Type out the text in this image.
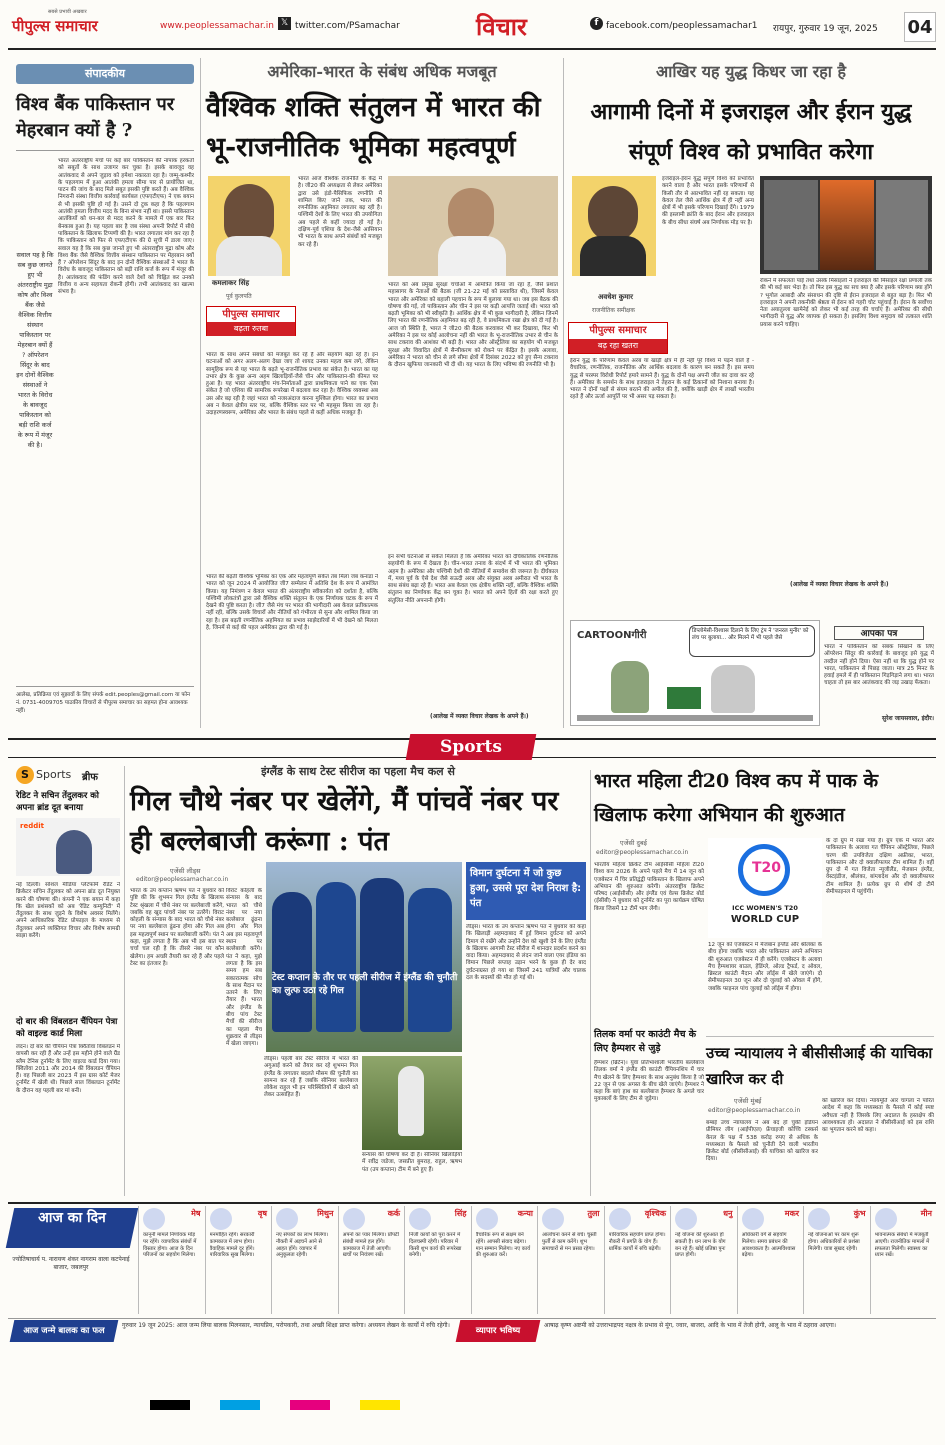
पीपुल्स समाचार
सबसे प्रभावी अखबार
www.peoplessamachar.in 𝕏 twitter.com/PSamachar	विचार	f facebook.com/peoplessamachar1 रायपुर, गुरुवार 19 जून, 2025 04
संपादकीय
विश्व बैंक पाकिस्तान पर मेहरबान क्यों है ?
भारत अंतरराष्ट्रीय मंचों पर कई बार पाकिस्तान की नापाक हरकतों को सबूतों के साथ उजागर कर चुका है। इसके बावजूद वह आतंकवाद से अपने जुड़ाव को हमेशा नकारता रहा है। जम्मू-कश्मीर के पहलगाम में हुआ आतंकी हमला सीमा पार से प्रायोजित था, पाटन की जांच के बाद मिले सबूत इसकी पुष्टि करते हैं। अब वैश्विक निगरानी संस्था वित्तीय कार्रवाई कार्यबल (एफएटीएफ) ने एक बयान से भी इसकी पुष्टि हो गई है। उसने दो टूक कहा है कि पहलगाम आतंकी हमला वित्तीय मदद के बिना संभव नहीं था। इससे पाकिस्तान आतंकियों को धन-बल से मदद करने के मामले में एक बार फिर बेनकाब हुआ है। यह पहला बार है जब संस्था अपनी रिपोर्ट में सीधे पाकिस्तान के खिलाफ टिप्पणी की है। भारत लगातार मांग कर रहा है कि पाकिस्तान को फिर से एफएटीएफ की ग्रे सूची में डाला जाए। सवाल यह है कि सब कुछ जानते हुए भी अंतरराष्ट्रीय मुद्रा कोष और विश्व बैंक जैसे वैश्विक वित्तीय संस्थान पाकिस्तान पर मेहरबान क्यों हैं ? ऑपरेशन सिंदूर के बाद इन दोनों वैश्विक संस्थाओं ने भारत के विरोध के बावजूद पाकिस्तान को बड़ी राशि कर्ज के रूप में मंजूर की है। आतंकवाद की फंडिंग करने वाले देशों को चिह्नित कर उनको वित्तीय व अन्य सहायता रोकनी होगी। तभी आतंकवाद का खात्मा संभव है।
सवाल यह है कि सब कुछ जानते हुए भी अंतरराष्ट्रीय मुद्रा कोष और विश्व बैंक जैसे वैश्विक वित्तीय संस्थान पाकिस्तान पर मेहरबान क्यों हैं ? ऑपरेशन सिंदूर के बाद इन दोनों वैश्विक संस्थाओं ने भारत के विरोध के बावजूद पाकिस्तान को बड़ी राशि कर्ज के रूप में मंजूर की है।
आलेख, प्रतिक्रिया एवं सुझावों के लिए संपर्क edit.peoples@gmail.com या फोन नं. 0731-4009705 पाठकीय विचारों से पीपुल्स समाचार का सहमत होना आवश्यक नहीं।
अमेरिका-भारत के संबंध अधिक मजबूत
वैश्विक शक्ति संतुलन में भारत की भू-राजनीतिक भूमिका महत्वपूर्ण
कमलाकर सिंह
पूर्व कुलपति
पीपुल्स समाचार
बढ़ता रुतबा
भारत आज वैश्विक राजनीति के केंद्र में है। जी20 की अध्यक्षता से लेकर अमेरिका द्वारा उसे इंडो-पैसिफिक रणनीति में शामिल किए जाने तक, भारत की रणनीतिक अहमियत लगातार बढ़ रही है। पश्चिमी देशों के लिए भारत की उपयोगिता अब पहले से कहीं ज्यादा हो गई है। दक्षिण-पूर्व एशिया के देश-जैसे आसियान भी भारत के साथ अपने संबंधों को मजबूत कर रहे हैं।
भारत के साथ अपने संबंधों को मजबूत कर रहे हैं और सहयोग बढ़ा रहे हैं। इन घटनाओं को अगर अलग-अलग देखा जाए तो शायद उनका महत्व कम लगे, लेकिन सामूहिक रूप से यह भारत के बढ़ते भू-राजनीतिक प्रभाव का संकेत है। भारत का यह उभार क्षेत्र के कुछ अन्य अहम खिलाड़ियों-जैसे चीन और पाकिस्तान-की कीमत पर हुआ है। यह भारत अंतरराष्ट्रीय मंच-निर्माताओं द्वारा प्राथमिकता पाने का एक ऐसा संकेत है जो एशिया की सामरिक रूपरेखा में बदलाव कर रहा है। वैश्विक व्यवस्था अब उस ओर बढ़ रही है जहां भारत को नजरअंदाज करना मुश्किल होगा। भारत का प्रभाव अब न केवल क्षेत्रीय स्तर पर, बल्कि वैश्विक स्तर पर भी महसूस किया जा रहा है। उदाहरणस्वरूप, अमेरिका और भारत के संबंध पहले से कहीं अधिक मजबूत हैं।
भारत की बढ़ती वैश्विक भूमिका का एक और महत्वपूर्ण संकेत तब मिला जब कनाडा ने भारत को जून 2024 में आयोजित जी7 सम्मेलन में अतिथि देश के रूप में आमंत्रित किया। यह निमंत्रण न केवल भारत की अंतरराष्ट्रीय स्वीकार्यता को दर्शाता है, बल्कि पश्चिमी लोकतंत्रों द्वारा उसे वैश्विक शक्ति संतुलन के एक निर्णायक घटक के रूप में देखने की पुष्टि करता है। जी7 जैसे मंच पर भारत की भागीदारी अब केवल प्रतीकात्मक नहीं रही, बल्कि उसके विचारों और नीतियों को गंभीरता से सुना और शामिल किया जा रहा है। इस बढ़ती रणनीतिक अहमियत का प्रभाव साझेदारियों में भी देखने को मिलता है, जिनमें से कई की पहल अमेरिका द्वारा की गई है।
भारत को अब प्रमुख सुरक्षा चर्चाओं में आमंत्रित किया जा रहा है, जैसे प्रशांत महासागर के नेताओं की बैठक (जी 21-22 मई को प्रस्तावित थी), जिसमें केवल भारत और अमेरिका को बहाली पहचान के रूप में बुलाया गया था। जब इस बैठक की घोषणा की गई, तो पाकिस्तान और चीन ने इस पर कड़ी आपत्ति जताई थी। भारत को बढ़ती भूमिका को भी स्वीकृति है। आर्थिक क्षेत्र में भी कुछ भागीदारी है, लेकिन जिनमें लिए भारत की रणनीतिक अहमियत बढ़ रही है, वे प्राथमिकता रखा क्षेत्र को दी गई है। आज जो स्थिति है, भारत ने जी20 की बैठक करवाकर भी कर दिखाया, फिर भी अमेरिका ने इस पर कोई आलोचना नहीं की भारत के भू-राजनीतिक उभार से चीन के साथ टकराव की आशंका भी बढ़ी है। भारत और ऑस्ट्रेलिया का सहयोग भी मजबूत सुरक्षा और विवादित क्षेत्रों में सैन्यीकरण को रोकने पर केंद्रित है। इसके अलावा, अमेरिका ने भारत को चीन से लगे सीमा क्षेत्रों में दिसंबर 2022 को हुए सैन्य टकराव के दौरान खुफिया जानकारी भी दी थी। यह भारत के लिए भविष्य की रणनीति भी है।
इन सभी घटनाओं से संकेत मिलता है कि अमेरिका भारत को दीर्घकालिक रणनीतिक सहयोगी के रूप में देखता है। चीन-भारत तनाव के संदर्भ में भी भारत की भूमिका अहम है। अमेरिका और पश्चिमी देशों की नीतियों में समावेश की जरूरत है। दीर्घकाल में, मध्य पूर्व के ऐसे देश जैसे सऊदी अरब और संयुक्त अरब अमीरात भी भारत के साथ संबंध बढ़ा रहे हैं। भारत अब केवल एक क्षेत्रीय शक्ति नहीं, बल्कि वैश्विक शक्ति संतुलन का निर्णायक केंद्र बन चुका है। भारत को अपने हितों की रक्षा करते हुए संतुलित नीति अपनानी होगी।
(आलेख में व्यक्त विचार लेखक के अपने हैं।)
आखिर यह युद्ध किधर जा रहा है
आगामी दिनों में इजराइल और ईरान युद्ध संपूर्ण विश्व को प्रभावित करेगा
अवधेश कुमार
राजनीतिक समीक्षक
इजराइल-ईरान युद्ध संपूर्ण विश्व को प्रभावित करने वाला है और भारत इसके परिणामों से किसी तौर से अप्रभावित नहीं रह सकता। यह केवल तेल जैसे आर्थिक क्षेत्र में ही नहीं अन्य क्षेत्रों में भी इसके परिणाम दिखाई देंगे। 1979 की इस्लामी क्रांति के बाद ईरान और इजराइल के बीच सीधा संघर्ष अब निर्णायक मोड़ पर है।
पीपुल्स समाचार
बढ़ रहा खतरा
ईरान युद्ध के परिणाम केवल अरब या खाड़ी क्षेत्र में ही नहीं पूरे विश्व में पड़ने वाले हैं - वैचारिक, रणनीतिक, राजनीतिक और आर्थिक बदलाव के कारण बन सकते हैं। इस समय युद्ध से परस्पर विरोधी रिपोर्ट हमारे सामने हैं। युद्ध के दोनों पक्ष अपनी जीत का दावा कर रहे हैं। अमेरिका के समर्थन के साथ इजराइल ने तेहरान के कई ठिकानों को निशाना बनाया है। भारत ने दोनों पक्षों से संयम बरतने की अपील की है, क्योंकि खाड़ी क्षेत्र में लाखों भारतीय रहते हैं और ऊर्जा आपूर्ति पर भी असर पड़ सकता है।
रोकने में सफलता पाई तथा उसके मिसाइलों ने इजराइल की मिसाइल रक्षा प्रणाली तक की भी कई बार भेदा है। तो फिर इस युद्ध का सच क्या है और इसके परिणाम क्या होंगे ? भूगोल आबादी और संसाधन की दृष्टि से ईरान इजराइल से बहुत बड़ा है। फिर भी इजराइल ने अपनी तकनीकी श्रेष्ठता से ईरान को गहरी चोट पहुंचाई है। ईरान के सर्वोच्च नेता अयातुल्ला खामेनेई को लेकर भी कई तरह की चर्चाएं हैं। अमेरिका की सीधी भागीदारी से युद्ध और व्यापक हो सकता है। इसलिए विश्व समुदाय को तत्काल शांति प्रयास करने चाहिए।
(आलेख में व्यक्त विचार लेखक के अपने हैं।)
CARTOONगीरी	डिप्लोमेसी-विश्वास दिलाने के लिए ट्रंप ने 'जनरल मुनीर' को लंच पर बुलाया... और मिलने में भी पहले जैसे	आपका पत्र
भारत ने पाकिस्तान को सबक सिखाने के लिए ऑपरेशन सिंदूर की कार्रवाई के बावजूद इसे युद्ध में तब्दील नहीं होने दिया। ऐसा नहीं था कि युद्ध होने पर भारत, पाकिस्तान से पिछड़ जाता। मात्र 25 मिनट के हवाई हमले में ही पाकिस्तान गिड़गिड़ाने लगा था। भारत चाहता तो इस बार आतंकवाद की जड़ उखाड़ फेंकता।
सुरेश जायसवाल, इंदौर।
Sports
S Sports ब्रीफ
रेडिट ने सचिन तेंदुलकर को अपना ब्रांड दूत बनाया
reddit
नई दिल्ली। सोशल मीडिया प्लेटफॉर्म रेडिट ने क्रिकेटर सचिन तेंदुलकर को अपना ब्रांड दूत नियुक्त करने की घोषणा की। कंपनी ने एक बयान में कहा कि खेल प्रशंसकों को अब 'रेडिट कम्युनिटी' में तेंदुलकर के साथ जुड़ने के विशेष अवसर मिलेंगे। अपने आधिकारिक रेडिट प्रोफाइल के माध्यम से तेंदुलकर अपने व्यक्तिगत विचार और विशेष सामग्री साझा करेंगे।
दो बार की विंबलडन चैंपियन पेत्रा को वाइल्ड कार्ड मिला
लंदन। दो बार की चैंपियन पेत्रा क्वितोवा विंबलडन में वापसी कर रही हैं और उन्हें इस महीने होने वाले ग्रैंड स्लैम टेनिस टूर्नामेंट के लिए वाइल्ड कार्ड दिया गया। क्वितोवा 2011 और 2014 की विंबलडन चैंपियन हैं। वह पिछली बार 2023 में इस ग्रास कोर्ट मेजर टूर्नामेंट में खेली थी। पिछले साल विंबलडन टूर्नामेंट के दौरान वह पहली बार मां बनी।
इंग्लैंड के साथ टेस्ट सीरीज का पहला मैच कल से
गिल चौथे नंबर पर खेलेंगे, मैं पांचवें नंबर पर ही बल्लेबाजी करूंगा : पंत
एजेंसी लीड्स
editor@peoplessamachar.co.in
भारत के उप कप्तान ऋषभ पंत ने बुधवार को पुष्टि की कि शुभमन गिल इंग्लैंड के खिलाफ टेस्ट श्रृंखला में चौथे नंबर पर बल्लेबाजी करेंगे, जबकि वह खुद पांचवें नंबर पर उतरेंगे। विराट कोहली के संन्यास के बाद भारत को चौथे नंबर पर नया बल्लेबाज ढूंढना होगा और गिल अब इस महत्वपूर्ण स्थान पर बल्लेबाजी करेंगे। पंत ने कहा, मुझे लगता है कि अब भी इस बात पर चर्चा चल रही है कि तीसरे नंबर पर कौन खेलेगा। हम अच्छी तैयारी कर रहे हैं और पहले टेस्ट का इंतजार है।
विराट कोहली के संन्यास के बाद भारत को चौथे नंबर पर नया बल्लेबाज ढूंढना होगा और गिल अब इस महत्वपूर्ण स्थान पर बल्लेबाजी करेंगे। पंत ने कहा, मुझे लगता है कि इस समय हम सब सकारात्मक सोच के साथ मैदान पर उतरने के लिए तैयार हैं। भारत और इंग्लैंड के बीच पांच टेस्ट मैचों की सीरीज का पहला मैच शुक्रवार से लीड्स में खेला जाएगा।
टेस्ट कप्तान के तौर पर पहली सीरीज में इंग्लैंड की चुनौती का लुत्फ उठा रहे गिल
लीड्स। पहली बार टेस्ट सीरीज में भारत की अगुआई करने को तैयार कर रहे शुभमन गिल इंग्लैंड के लगातार बदलते मौसम की चुनौती का सामना कर रहे हैं जबकि सीनियर बल्लेबाज लोकेश राहुल भी इन परिस्थितियों में खेलने को लेकर उत्साहित हैं।
संन्यास की घोषणा कर दी है। सीनियर खिलाड़ियों में रवींद्र जडेजा, जसप्रीत बुमराह, राहुल, ऋषभ पंत (उप कप्तान) टीम में बने हुए हैं।
विमान दुर्घटना में जो कुछ हुआ, उससे पूरा देश निराश है: पंत
लीड्स। भारत के उप कप्तान ऋषभ पंत ने बुधवार को कहा कि खिलाड़ी अहमदाबाद में हुई विमान दुर्घटना को अपने दिमाग से रखेंगे और उन्होंने देश को खुशी देने के लिए इंग्लैंड के खिलाफ आगामी टेस्ट सीरीज में शानदार प्रदर्शन करने का वादा किया। अहमदाबाद से लंदन जाने वाला एयर इंडिया का विमान पिछले सप्ताह उड़ान भरने के कुछ ही देर बाद दुर्घटनाग्रस्त हो गया था जिसमें 241 यात्रियों और चालक दल के सदस्यों की मौत हो गई थी।
तिलक वर्मा पर काउंटी मैच के लिए हैम्पशर से जुड़े
हैम्पशर (ब्रिटेन)। युवा प्रतिभाशाली भारतीय बल्लेबाज तिलक वर्मा ने इंग्लैंड की काउंटी चैंपियनशिप में चार मैच खेलने के लिए हैम्पशर के साथ अनुबंध किया है जो 22 जून से एक अगस्त के बीच खेले जाएंगे। हैम्पशर ने कहा कि बाएं हाथ का बल्लेबाज हैम्पशर के अगले चार मुकाबलों के लिए टीम से जुड़ेगा।
भारत महिला टी20 विश्व कप में पाक के खिलाफ करेगा अभियान की शुरुआत
एजेंसी दुबई
editor@peoplessamachar.co.in
भारतीय महिला क्रिकेट टीम आईसीसी महिला टी20 विश्व कप 2026 के अपने पहले मैच में 14 जून को एजबेस्टन में चिर प्रतिद्वंद्वी पाकिस्तान के खिलाफ अपने अभियान की शुरुआत करेगी। अंतरराष्ट्रीय क्रिकेट परिषद (आईसीसी) और इंग्लैंड एवं वेल्स क्रिकेट बोर्ड (ईसीबी) ने बुधवार को टूर्नामेंट का पूरा कार्यक्रम घोषित किया जिसमें 12 टीमें भाग लेंगी।
T20
ICC WOMEN'S T20
WORLD CUP
12 जून को एजबेस्टन में मेजबान इंग्लैंड और श्रीलंका के बीच होगा जबकि भारत और पाकिस्तान अपने अभियान की शुरुआत एजबेस्टन में ही करेंगे। एजबेस्टन के अलावा मैच हैम्पशायर बाउल, हेडिंग्ले, ओल्ड ट्रैफर्ड, द ओवल, ब्रिस्टल काउंटी मैदान और लॉर्ड्स में खेले जाएंगे। दो सेमीफाइनल 30 जून और दो जुलाई को ओवल में होंगे, जबकि फाइनल पांच जुलाई को लॉर्ड्स में होगा।
के दो ग्रुप में रखा गया है। ग्रुप एक में भारत और पाकिस्तान के अलावा गत चैंपियन ऑस्ट्रेलिया, पिछले चरण की उपविजेता दक्षिण अफ्रीका, भारत, पाकिस्तान और दो क्वालीफायर टीम शामिल हैं। वहीं ग्रुप दो में गत विजेता न्यूजीलैंड, मेजबान इंग्लैंड, वेस्टइंडीज, श्रीलंका, बांग्लादेश और दो क्वालीफायर टीम शामिल हैं। प्रत्येक ग्रुप से शीर्ष दो टीमें सेमीफाइनल में पहुंचेंगी।
उच्च न्यायालय ने बीसीसीआई की याचिका खारिज कर दी
एजेंसी मुंबई
editor@peoplessamachar.co.in
बम्बई उच्च न्यायालय ने अब बंद हो चुकी इंडियन प्रीमियर लीग (आईपीएल) फ्रेंचाइजी कोच्चि टस्कर्स केरल के पक्ष में 538 करोड़ रुपए से अधिक के मध्यस्थता के फैसले को चुनौती देने वाली भारतीय क्रिकेट बोर्ड (बीसीसीआई) की याचिका को खारिज कर दिया।
को खारिज कर दिया। न्यायमूर्ति आर चागला ने पारित आदेश में कहा कि मध्यस्थता के फैसले में कोई स्पष्ट अवैधता नहीं है जिसके लिए अदालत के हस्तक्षेप की आवश्यकता हो। अदालत ने बीसीसीआई को इस राशि का भुगतान करने को कहा।
आज का दिन
ज्योतिषाचार्य प. नारायण शंकर नागराम वाला कटपेनाई बाजार, जबलपुर
मेष
कानूनी मामले निर्णायक मोड़ पर रहेंगे। व्यापारिक संबंधों में विस्तार होगा। आज के दिन परिजनों का सहयोग मिलेगा।
वृष
मनमोहित रहेंगे। सरकारी कामकाज में लाभ होगा। वैवाहिक मामले दूर होंगे। पारिवारिक सुख मिलेगा।
मिथुन
नए संपर्कों का लाभ मिलेगा। नौकरी में अड़चनें आने से आहत होंगे। व्यापार में अनुकूलता रहेगी।
कर्क
अपनों का प्यार मिलेगा। प्रॉपर्टी संबंधी मामले हल होंगे। कामकाज में तेजी आएगी। खर्चों पर नियंत्रण रखें।
सिंह
निजी कार्यों को पूरा करने में दिलचस्पी रहेगी। परिवार में किसी शुभ कार्य की रूपरेखा बनेगी।
कन्या
वैचारिक रूप से सक्षम बने रहेंगे। आपसी संवाद बढ़ेगा। मान सम्मान मिलेगा। नए कार्य की शुरुआत करें।
तुला
आलोचना करने से बचें। चुस्ती फुर्ती से काम करेंगे। शुभ समाचारों से मन प्रसन्न रहेगा।
वृश्चिक
पारिवारिक सहयोग प्राप्त होगा। नौकरी में प्रगति के योग हैं। धार्मिक कार्यों में रुचि बढ़ेगी।
धनु
नई योजना की शुरुआत हो सकती है। धन लाभ के योग बन रहे हैं। खोई प्रतिष्ठा पुनः प्राप्त होगी।
मकर
अधिकारी वर्ग से सहयोग मिलेगा। समय प्रबंधन की आवश्यकता है। आत्मविश्वास बढ़ेगा।
कुंभ
नई योजनाओं पर काम शुरू होगा। अधिकारियों से प्रशंसा मिलेगी। यात्रा सुखद रहेगी।
मीन
भावनात्मक संबंधों में मजबूती आएगी। राजनीतिक मामलों में सफलता मिलेगी। स्वास्थ्य का ध्यान रखें।
आज जन्मे बालक का फल
गुरुवार 19 जून 2025: आज जन्म लिया बालक मिलनसार, न्यायप्रिय, परोपकारी, तथा अच्छी शिक्षा प्राप्त करेगा। अध्ययन लेखन के कार्यों में रुचि रहेगी।
व्यापार भविष्य
आषाढ़ कृष्ण अष्टमी को उत्तराभाद्रपद नक्षत्र के प्रभाव से मूंग, ज्वार, बाजरा, आदि के भाव में तेजी होगी, आलू के भाव में ठहराव आएगा।
